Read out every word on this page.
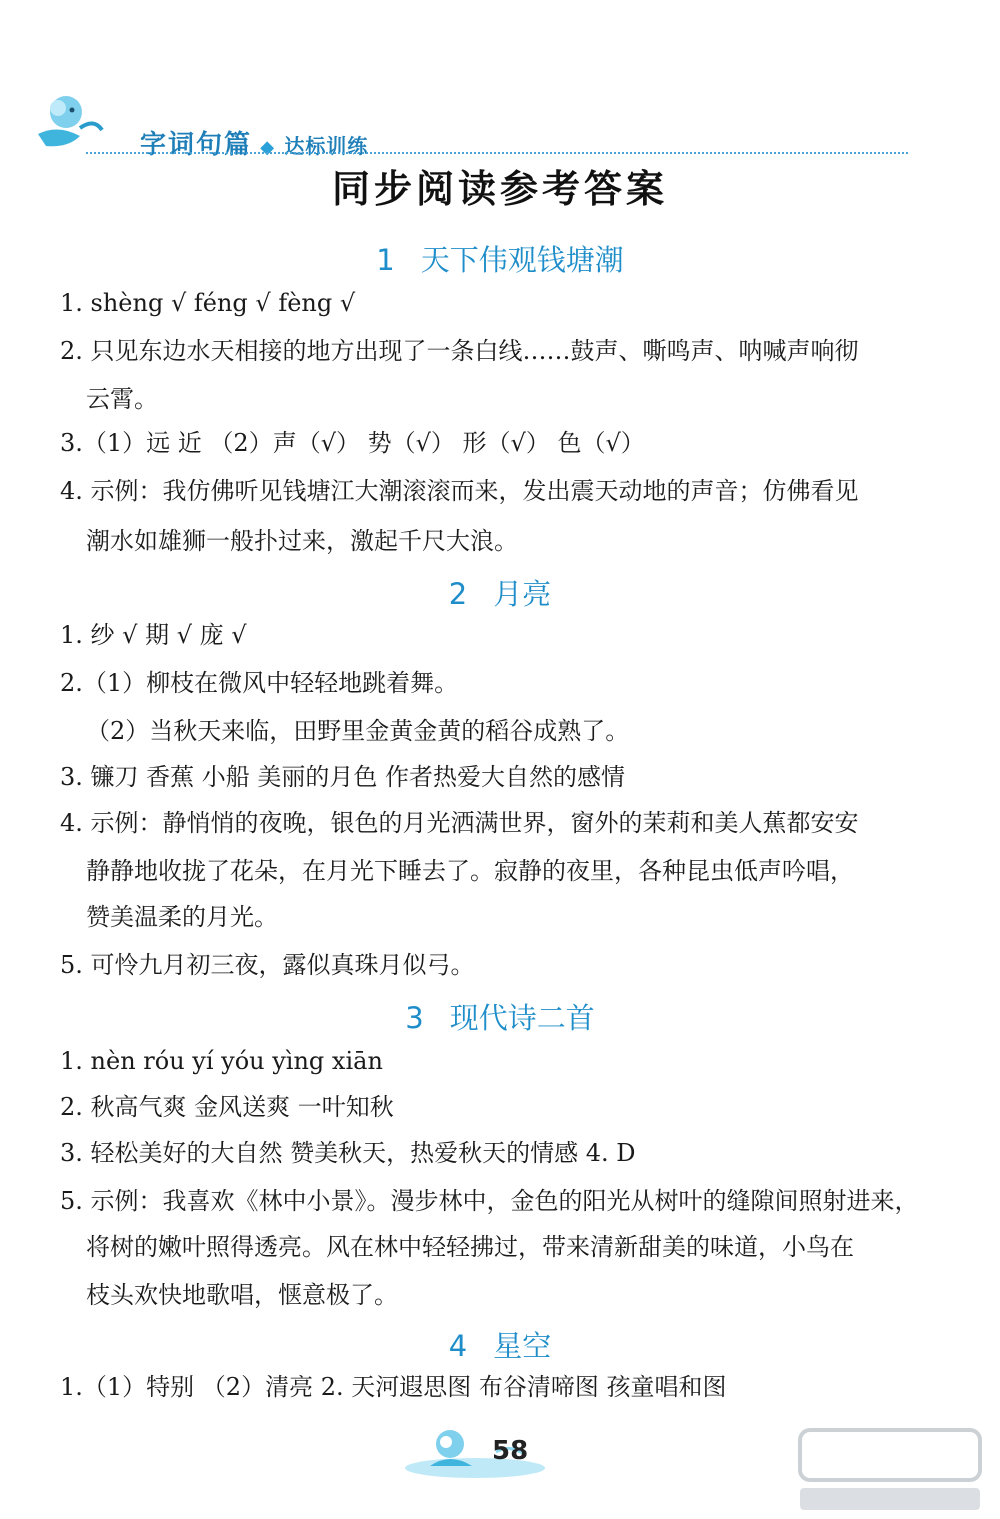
字词句篇 ◆ 达标训练
同步阅读参考答案
1 天下伟观钱塘潮
1. shèng √ féng √ fèng √
2. 只见东边水天相接的地方出现了一条白线……鼓声、嘶鸣声、呐喊声响彻
云霄。
3.（1）远 近 （2）声（√） 势（√） 形（√） 色（√）
4. 示例：我仿佛听见钱塘江大潮滚滚而来，发出震天动地的声音；仿佛看见
潮水如雄狮一般扑过来，激起千尺大浪。
2 月亮
1. 纱 √ 期 √ 庞 √
2.（1）柳枝在微风中轻轻地跳着舞。
（2）当秋天来临，田野里金黄金黄的稻谷成熟了。
3. 镰刀 香蕉 小船 美丽的月色 作者热爱大自然的感情
4. 示例：静悄悄的夜晚，银色的月光洒满世界，窗外的茉莉和美人蕉都安安
静静地收拢了花朵，在月光下睡去了。寂静的夜里，各种昆虫低声吟唱，
赞美温柔的月光。
5. 可怜九月初三夜，露似真珠月似弓。
3 现代诗二首
1. nèn róu yí yóu yìng xiān
2. 秋高气爽 金风送爽 一叶知秋
3. 轻松美好的大自然 赞美秋天，热爱秋天的情感 4. D
5. 示例：我喜欢《林中小景》。漫步林中，金色的阳光从树叶的缝隙间照射进来，
将树的嫩叶照得透亮。风在林中轻轻拂过，带来清新甜美的味道，小鸟在
枝头欢快地歌唱，惬意极了。
4 星空
1.（1）特别 （2）清亮 2. 天河遐思图 布谷清啼图 孩童唱和图
58
